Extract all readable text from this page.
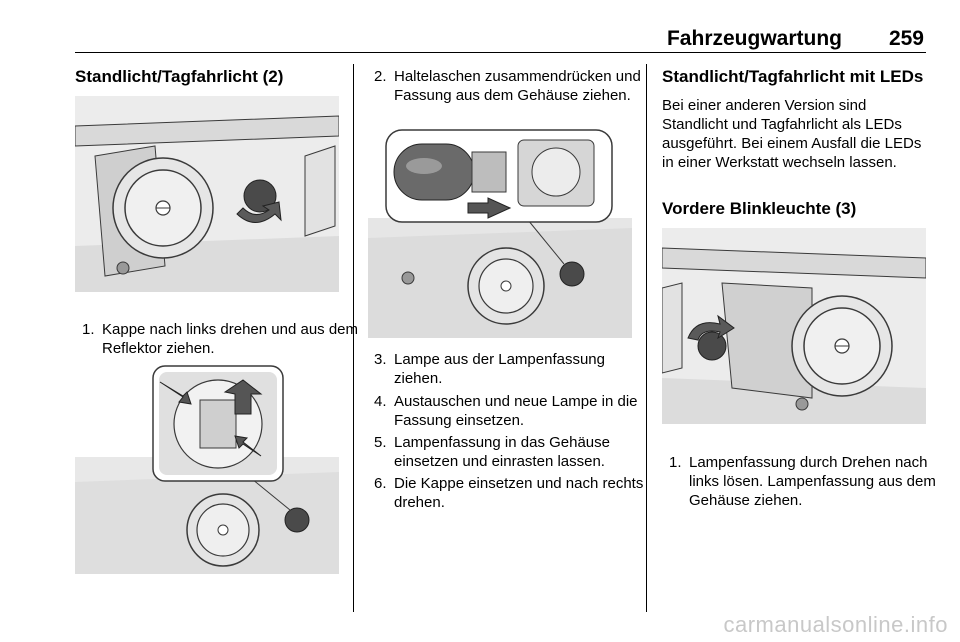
Fahrzeugwartung 259
Standlicht/Tagfahrlicht (2)
1. Kappe nach links drehen und aus dem Reflektor ziehen.
2. Haltelaschen zusammendrücken und Fassung aus dem Gehäuse ziehen.
3. Lampe aus der Lampenfassung ziehen.
4. Austauschen und neue Lampe in die Fassung einsetzen.
5. Lampenfassung in das Gehäuse einsetzen und einrasten lassen.
6. Die Kappe einsetzen und nach rechts drehen.
Standlicht/Tagfahrlicht mit LEDs
Bei einer anderen Version sind Standlicht und Tagfahrlicht als LEDs ausgeführt. Bei einem Ausfall die LEDs in einer Werkstatt wechseln lassen.
Vordere Blinkleuchte (3)
1. Lampenfassung durch Drehen nach links lösen. Lampenfassung aus dem Gehäuse ziehen.
carmanualsonline.info
